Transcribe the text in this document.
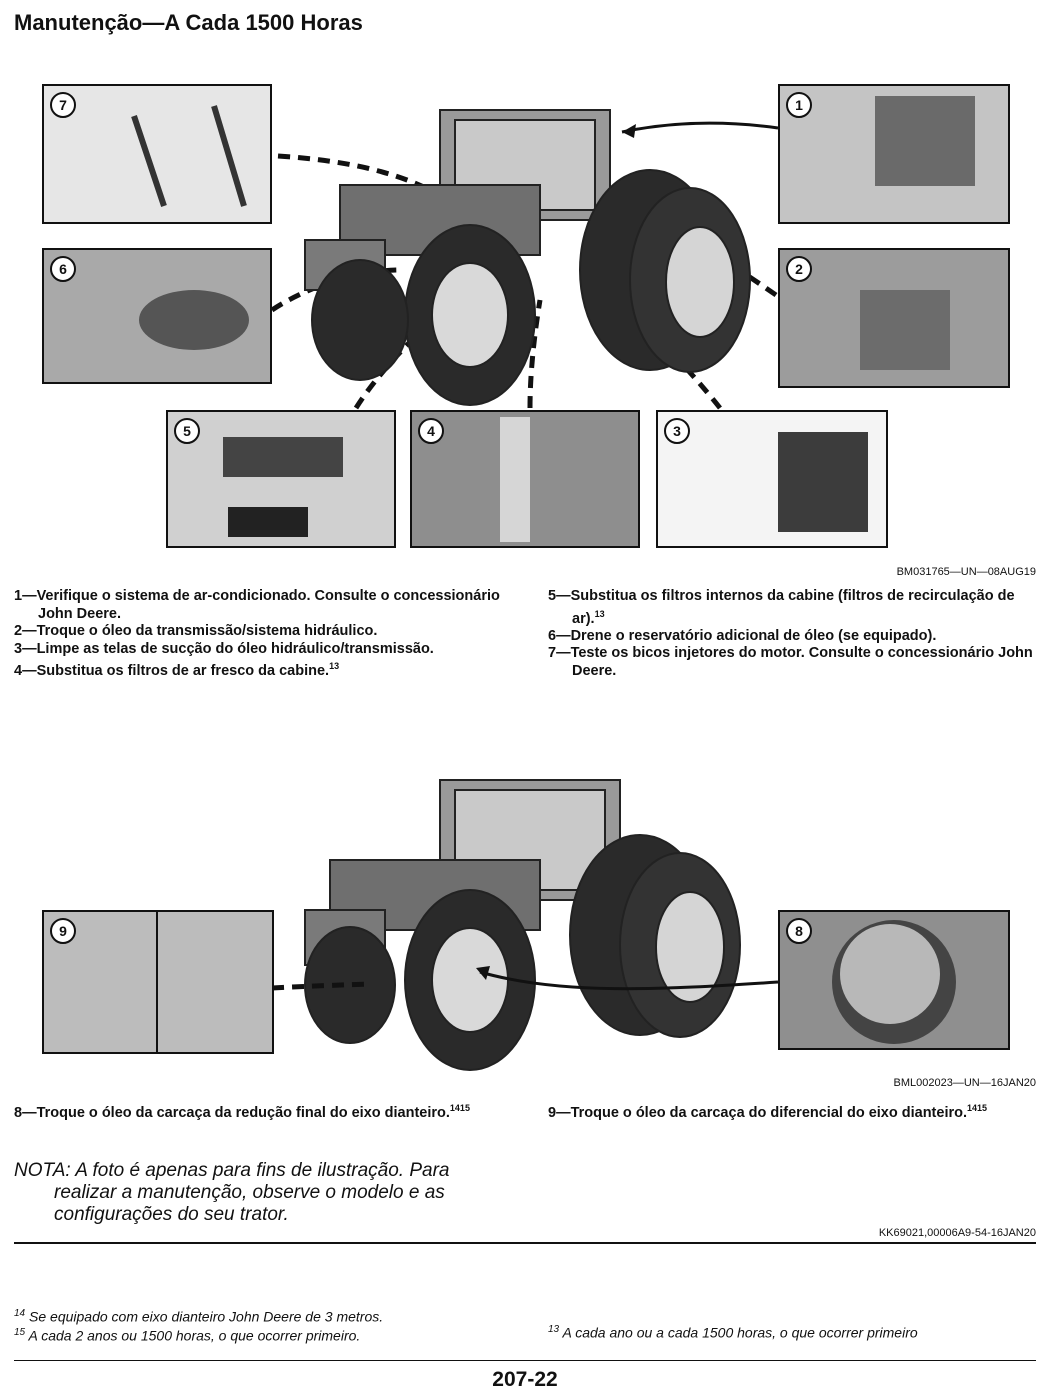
Manutenção—A Cada 1500 Horas
7
6
1
2
5	4	3
BM031765—UN—08AUG19
1—Verifique o sistema de ar-condicionado. Consulte o concessionário John Deere.
2—Troque o óleo da transmissão/sistema hidráulico.
3—Limpe as telas de sucção do óleo hidráulico/transmissão.
4—Substitua os filtros de ar fresco da cabine.$^{13}$
5—Substitua os filtros internos da cabine (filtros de recirculação de ar).$^{13}$
6—Drene o reservatório adicional de óleo (se equipado).
7—Teste os bicos injetores do motor. Consulte o concessionário John Deere.
9	8
BML002023—UN—16JAN20
8—Troque o óleo da carcaça da redução final do eixo dianteiro.$^{1415}$	9—Troque o óleo da carcaça do diferencial do eixo dianteiro.$^{1415}$
NOTA: A foto é apenas para fins de ilustração. Para
realizar a manutenção, observe o modelo e as
configurações do seu trator.
KK69021,00006A9-54-16JAN20
$^{14}$ Se equipado com eixo dianteiro John Deere de 3 metros.
$^{15}$ A cada 2 anos ou 1500 horas, o que ocorrer primeiro.	$^{13}$ A cada ano ou a cada 1500 horas, o que ocorrer primeiro
207-22
